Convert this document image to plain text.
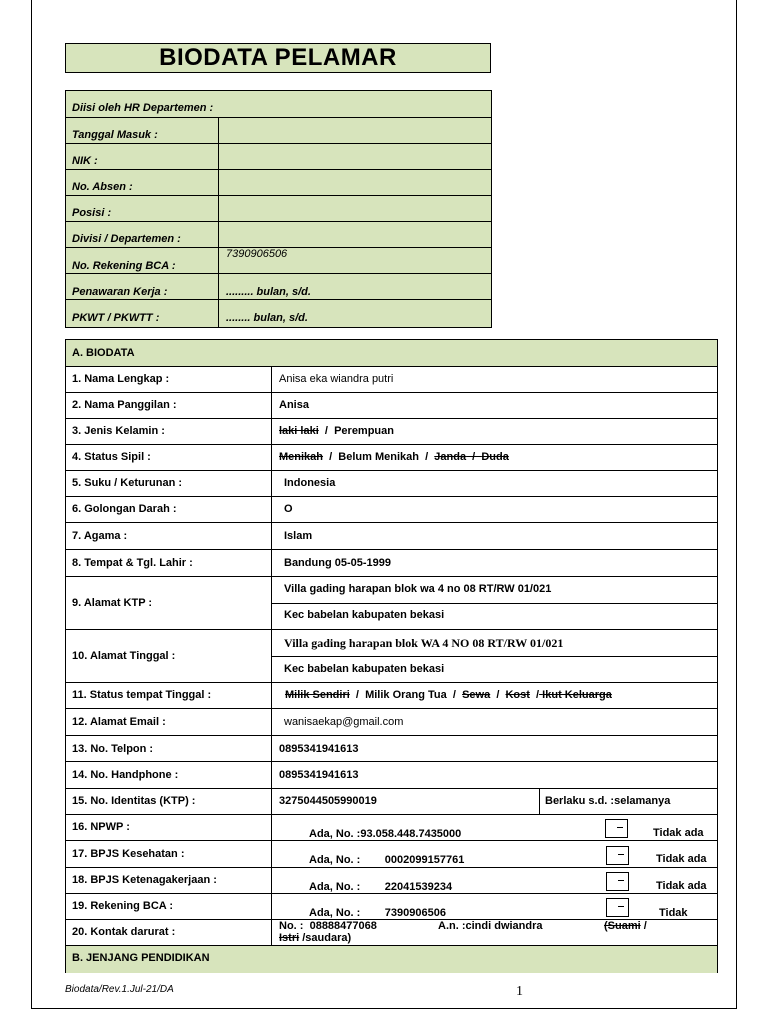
BIODATA PELAMAR
Diisi oleh HR Departemen :
Tanggal Masuk :
NIK :
No. Absen :
Posisi :
Divisi / Departemen :
No. Rekening BCA :
7390906506
Penawaran Kerja :	......... bulan, s/d.
PKWT / PKWTT :	........ bulan, s/d.
A. BIODATA
1. Nama Lengkap :	Anisa eka wiandra putri
2. Nama Panggilan :	Anisa
3. Jenis Kelamin :	laki laki / Perempuan
4. Status Sipil :	Menikah  /  Belum Menikah  /  Janda  /  Duda
5. Suku / Keturunan :	Indonesia
6. Golongan Darah :	O
7. Agama :	Islam
8. Tempat & Tgl. Lahir :	Bandung 05-05-1999
9. Alamat KTP :
Villa gading harapan blok wa 4 no 08 RT/RW 01/021
Kec babelan kabupaten bekasi
10. Alamat Tinggal :
Villa gading harapan blok WA 4 NO 08 RT/RW 01/021
Kec babelan kabupaten bekasi
11. Status tempat Tinggal :	Milik Sendiri  /  Milik Orang Tua  /  Sewa  /  Kost  / Ikut Keluarga
12. Alamat Email :	wanisaekap@gmail.com
13. No. Telpon :	0895341941613
14. No. Handphone :	0895341941613
15. No. Identitas (KTP) :	3275044505990019	Berlaku s.d. :selamanya
16. NPWP :
Ada, No. :93.058.448.7435000	Tidak ada
17. BPJS Kesehatan :	Ada, No. : 0002099157761	Tidak ada
18. BPJS Ketenagakerjaan :
Ada, No. : 22041539234	Tidak ada
19. Rekening BCA :
Ada, No. : 7390906506	Tidak
20. Kontak darurat :	No. : 08888477068	A.n. :cindi dwiandra	(Suami /
Istri /saudara)
B. JENJANG PENDIDIKAN
Biodata/Rev.1.Jul-21/DA	1
